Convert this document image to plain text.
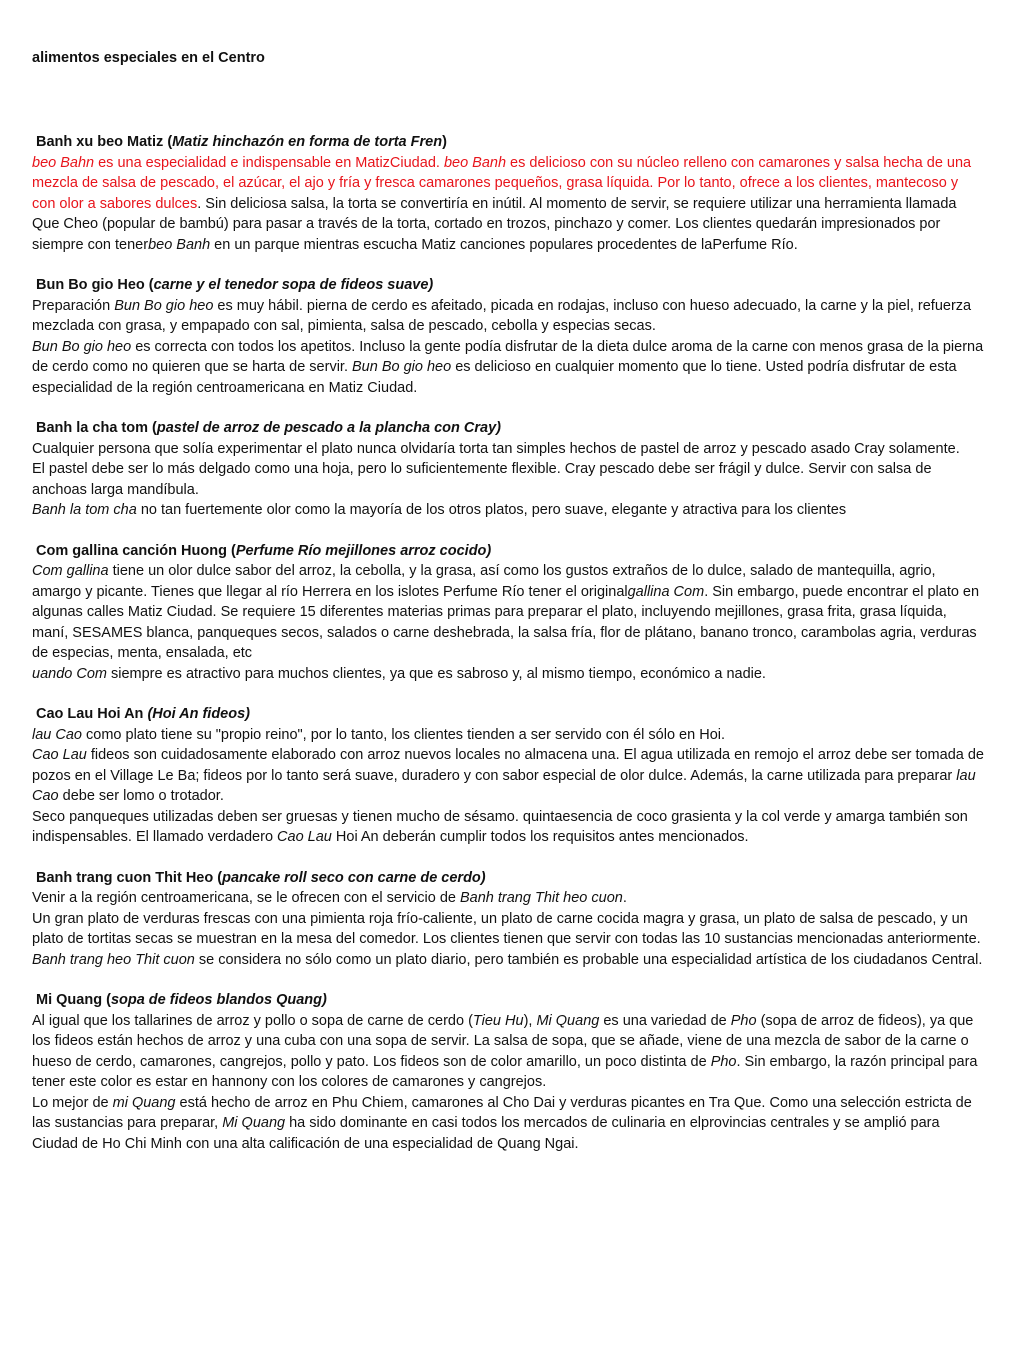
alimentos especiales en el Centro
Banh xu beo Matiz (Matiz hinchazón en forma de torta Fren)

beo Bahn es una especialidad e indispensable en MatizCiudad. beo Banh es delicioso con su núcleo relleno con camarones y salsa hecha de una mezcla de salsa de pescado, el azúcar, el ajo y fría y fresca camarones pequeños, grasa líquida. Por lo tanto, ofrece a los clientes, mantecoso y con olor a sabores dulces. Sin deliciosa salsa, la torta se convertiría en inútil. Al momento de servir, se requiere utilizar una herramienta llamada Que Cheo (popular de bambú) para pasar a través de la torta, cortado en trozos, pinchazo y comer. Los clientes quedarán impresionados por siempre con tenerbeo Banh en un parque mientras escucha Matiz canciones populares procedentes de laPerfume Río.

Bun Bo gio Heo (carne y el tenedor sopa de fideos suave)

Preparación Bun Bo gio heo es muy hábil. pierna de cerdo es afeitado, picada en rodajas, incluso con hueso adecuado, la carne y la piel, refuerza mezclada con grasa, y empapado con sal, pimienta, salsa de pescado, cebolla y especias secas.

Bun Bo gio heo es correcta con todos los apetitos. Incluso la gente podía disfrutar de la dieta dulce aroma de la carne con menos grasa de la pierna de cerdo como no quieren que se harta de servir. Bun Bo gio heo es delicioso en cualquier momento que lo tiene. Usted podría disfrutar de esta especialidad de la región centroamericana en Matiz Ciudad.

Banh la cha tom (pastel de arroz de pescado a la plancha con Cray)

Cualquier persona que solía experimentar el plato nunca olvidaría torta tan simples hechos de pastel de arroz y pescado asado Cray solamente.

El pastel debe ser lo más delgado como una hoja, pero lo suficientemente flexible. Cray pescado debe ser frágil y dulce. Servir con salsa de anchoas larga mandíbula.

Banh la tom cha no tan fuertemente olor como la mayoría de los otros platos, pero suave, elegante y atractiva para los clientes

Com gallina canción Huong (Perfume Río mejillones arroz cocido)

Com gallina tiene un olor dulce sabor del arroz, la cebolla, y la grasa, así como los gustos extraños de lo dulce, salado de mantequilla, agrio, amargo y picante. Tienes que llegar al río Herrera en los islotes Perfume Río tener el originalgallina Com. Sin embargo, puede encontrar el plato en algunas calles Matiz Ciudad. Se requiere 15 diferentes materias primas para preparar el plato, incluyendo mejillones, grasa frita, grasa líquida, maní, SESAMES blanca, panqueques secos, salados o carne deshebrada, la salsa fría, flor de plátano, banano tronco, carambolas agria, verduras de especias, menta, ensalada, etc

uando Com siempre es atractivo para muchos clientes, ya que es sabroso y, al mismo tiempo, económico a nadie.

Cao Lau Hoi An (Hoi An fideos)

lau Cao como plato tiene su "propio reino", por lo tanto, los clientes tienden a ser servido con él sólo en Hoi.

Cao Lau fideos son cuidadosamente elaborado con arroz nuevos locales no almacena una. El agua utilizada en remojo el arroz debe ser tomada de pozos en el Village Le Ba; fideos por lo tanto será suave, duradero y con sabor especial de olor dulce. Además, la carne utilizada para preparar lau Cao debe ser lomo o trotador.

Seco panqueques utilizadas deben ser gruesas y tienen mucho de sésamo. quintaesencia de coco grasienta y la col verde y amarga también son indispensables. El llamado verdadero Cao Lau Hoi An deberán cumplir todos los requisitos antes mencionados.

Banh trang cuon Thit Heo (pancake roll seco con carne de cerdo)

Venir a la región centroamericana, se le ofrecen con el servicio de Banh trang Thit heo cuon.

Un gran plato de verduras frescas con una pimienta roja frío-caliente, un plato de carne cocida magra y grasa, un plato de salsa de pescado, y un plato de tortitas secas se muestran en la mesa del comedor. Los clientes tienen que servir con todas las 10 sustancias mencionadas anteriormente.

Banh trang heo Thit cuon se considera no sólo como un plato diario, pero también es probable una especialidad artística de los ciudadanos Central.

Mi Quang (sopa de fideos blandos Quang)

Al igual que los tallarines de arroz y pollo o sopa de carne de cerdo (Tieu Hu), Mi Quang es una variedad de Pho (sopa de arroz de fideos), ya que los fideos están hechos de arroz y una cuba con una sopa de servir. La salsa de sopa, que se añade, viene de una mezcla de sabor de la carne o hueso de cerdo, camarones, cangrejos, pollo y pato. Los fideos son de color amarillo, un poco distinta de Pho. Sin embargo, la razón principal para tener este color es estar en hannony con los colores de camarones y cangrejos.

Lo mejor de mi Quang está hecho de arroz en Phu Chiem, camarones al Cho Dai y verduras picantes en Tra Que. Como una selección estricta de las sustancias para preparar, Mi Quang ha sido dominante en casi todos los mercados de culinaria en elprovincias centrales y se amplió para Ciudad de Ho Chi Minh con una alta calificación de una especialidad de Quang Ngai.
